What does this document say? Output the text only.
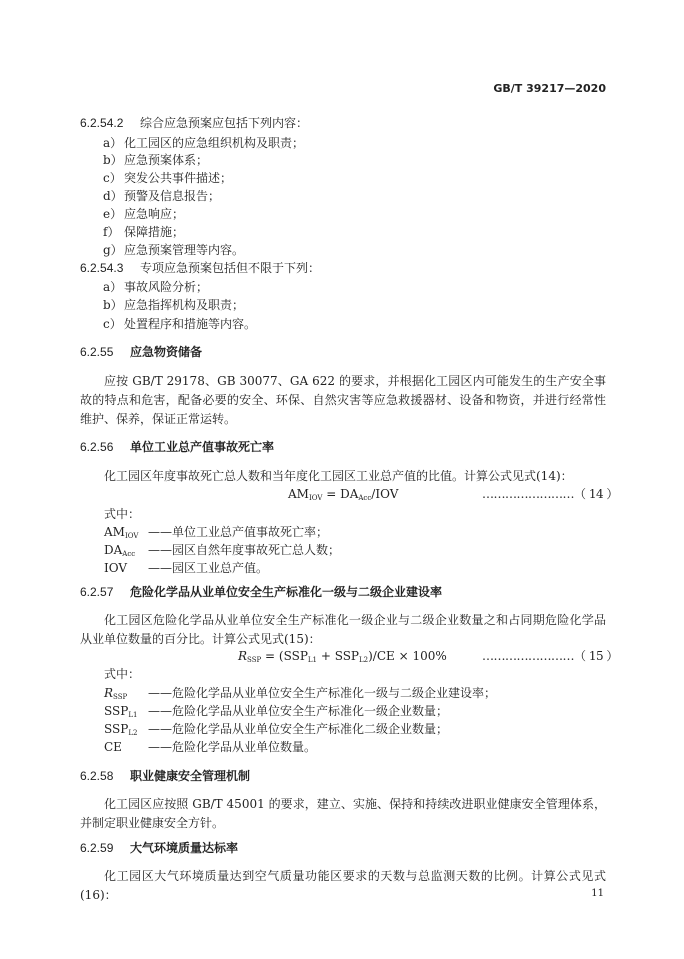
GB/T 39217—2020
6.2.54.2 综合应急预案应包括下列内容：
a） 化工园区的应急组织机构及职责；
b）应急预案体系；
c） 突发公共事件描述；
d）预警及信息报告；
e） 应急响应；
f） 保障措施；
g）应急预案管理等内容。
6.2.54.3 专项应急预案包括但不限于下列：
a） 事故风险分析；
b）应急指挥机构及职责；
c） 处置程序和措施等内容。
6.2.55 应急物资储备
应按 GB/T 29178、GB 30077、GA 622 的要求，并根据化工园区内可能发生的生产安全事故的特点和危害，配备必要的安全、环保、自然灾害等应急救援器材、设备和物资，并进行经常性维护、保养，保证正常运转。
6.2.56 单位工业总产值事故死亡率
化工园区年度事故死亡总人数和当年度化工园区工业总产值的比值。计算公式见式(14)：
$AM_{IOV} = DA_{Acc}/IOV$	……………………（ 14 ）
式中：
$AM_{IOV}$ ——单位工业总产值事故死亡率；
$DA_{Acc}$ ——园区自然年度事故死亡总人数；
IOV ——园区工业总产值。
6.2.57 危险化学品从业单位安全生产标准化一级与二级企业建设率
化工园区危险化学品从业单位安全生产标准化一级企业与二级企业数量之和占同期危险化学品从业单位数量的百分比。计算公式见式(15)：
$R_{SSP} = (SSP_{L1} + SSP_{L2})/CE \times 100\%$	……………………（ 15 ）
式中：
$R_{SSP}$ ——危险化学品从业单位安全生产标准化一级与二级企业建设率；
$SSP_{L1}$ ——危险化学品从业单位安全生产标准化一级企业数量；
$SSP_{L2}$ ——危险化学品从业单位安全生产标准化二级企业数量；
CE ——危险化学品从业单位数量。
6.2.58 职业健康安全管理机制
化工园区应按照 GB/T 45001 的要求，建立、实施、保持和持续改进职业健康安全管理体系，并制定职业健康安全方针。
6.2.59 大气环境质量达标率
化工园区大气环境质量达到空气质量功能区要求的天数与总监测天数的比例。计算公式见式(16)：	11
